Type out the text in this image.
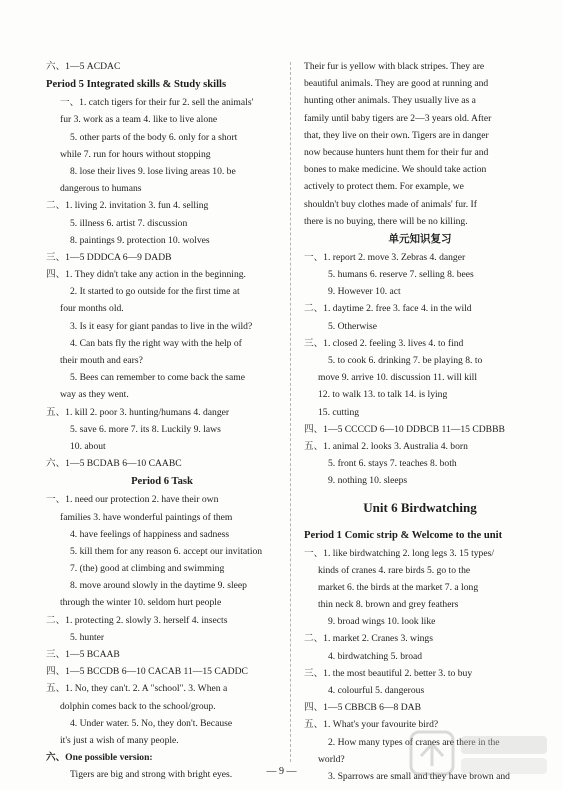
六、1—5 ACDAC
Period 5 Integrated skills & Study skills
一、1. catch tigers for their fur 2. sell the animals'
fur 3. work as a team 4. like to live alone
5. other parts of the body 6. only for a short
while 7. run for hours without stopping
8. lose their lives 9. lose living areas 10. be
dangerous to humans
二、1. living 2. invitation 3. fun 4. selling
5. illness 6. artist 7. discussion
8. paintings 9. protection 10. wolves
三、1—5 DDDCA 6—9 DADB
四、1. They didn't take any action in the beginning.
2. It started to go outside for the first time at
four months old.
3. Is it easy for giant pandas to live in the wild?
4. Can bats fly the right way with the help of
their mouth and ears?
5. Bees can remember to come back the same
way as they went.
五、1. kill 2. poor 3. hunting/humans 4. danger
5. save 6. more 7. its 8. Luckily 9. laws
10. about
六、1—5 BCDAB 6—10 CAABC
Period 6 Task
一、1. need our protection 2. have their own
families 3. have wonderful paintings of them
4. have feelings of happiness and sadness
5. kill them for any reason 6. accept our invitation
7. (the) good at climbing and swimming
8. move around slowly in the daytime 9. sleep
through the winter 10. seldom hurt people
二、1. protecting 2. slowly 3. herself 4. insects
5. hunter
三、1—5 BCAAB
四、1—5 BCCDB 6—10 CACAB 11—15 CADDC
五、1. No, they can't. 2. A "school". 3. When a
dolphin comes back to the school/group.
4. Under water. 5. No, they don't. Because
it's just a wish of many people.
六、One possible version:
Tigers are big and strong with bright eyes.
Their fur is yellow with black stripes. They are
beautiful animals. They are good at running and
hunting other animals. They usually live as a
family until baby tigers are 2—3 years old. After
that, they live on their own. Tigers are in danger
now because hunters hunt them for their fur and
bones to make medicine. We should take action
actively to protect them. For example, we
shouldn't buy clothes made of animals' fur. If
there is no buying, there will be no killing.
单元知识复习
一、1. report 2. move 3. Zebras 4. danger
5. humans 6. reserve 7. selling 8. bees
9. However 10. act
二、1. daytime 2. free 3. face 4. in the wild
5. Otherwise
三、1. closed 2. feeling 3. lives 4. to find
5. to cook 6. drinking 7. be playing 8. to
move 9. arrive 10. discussion 11. will kill
12. to walk 13. to talk 14. is lying
15. cutting
四、1—5 CCCCD 6—10 DDBCB 11—15 CDBBB
五、1. animal 2. looks 3. Australia 4. born
5. front 6. stays 7. teaches 8. both
9. nothing 10. sleeps
Unit 6 Birdwatching
Period 1 Comic strip & Welcome to the unit
一、1. like birdwatching 2. long legs 3. 15 types/
kinds of cranes 4. rare birds 5. go to the
market 6. the birds at the market 7. a long
thin neck 8. brown and grey feathers
9. broad wings 10. look like
二、1. market 2. Cranes 3. wings
4. birdwatching 5. broad
三、1. the most beautiful 2. better 3. to buy
4. colourful 5. dangerous
四、1—5 CBBCB 6—8 DAB
五、1. What's your favourite bird?
2. How many types of cranes are there in the
world?
3. Sparrows are small and they have brown and
— 9 —
